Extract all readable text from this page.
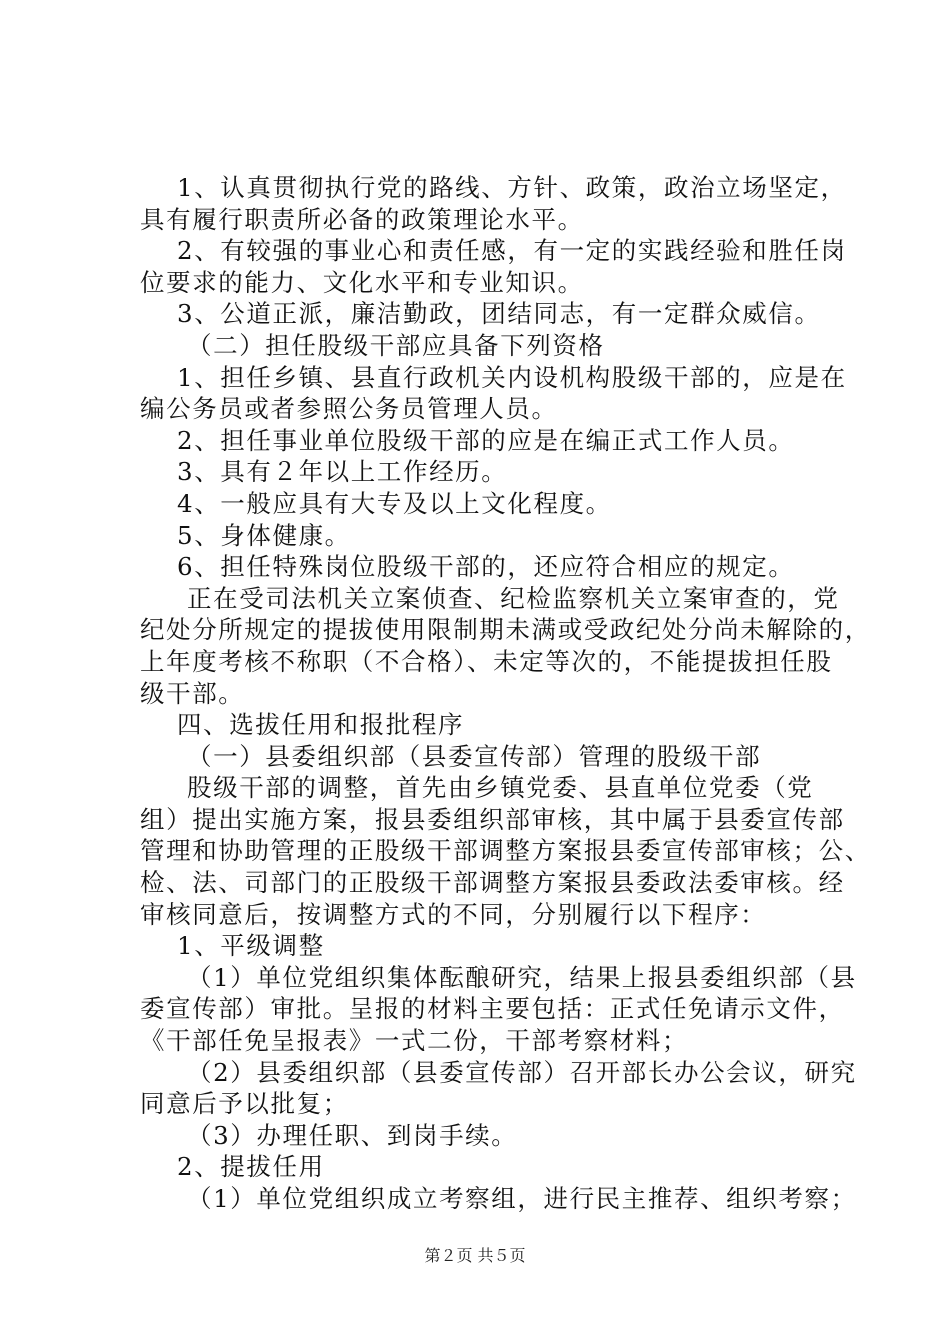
1、认真贯彻执行党的路线、方针、政策，政治立场坚定，

具有履行职责所必备的政策理论水平。

2、有较强的事业心和责任感，有一定的实践经验和胜任岗

位要求的能力、文化水平和专业知识。

3、公道正派，廉洁勤政，团结同志，有一定群众威信。

（二）担任股级干部应具备下列资格

1、担任乡镇、县直行政机关内设机构股级干部的，应是在

编公务员或者参照公务员管理人员。

2、担任事业单位股级干部的应是在编正式工作人员。

3、具有２年以上工作经历。

4、一般应具有大专及以上文化程度。

5、身体健康。

6、担任特殊岗位股级干部的，还应符合相应的规定。

正在受司法机关立案侦查、纪检监察机关立案审查的，党

纪处分所规定的提拔使用限制期未满或受政纪处分尚未解除的，

上年度考核不称职（不合格）、未定等次的，不能提拔担任股

级干部。

四、选拔任用和报批程序

（一）县委组织部（县委宣传部）管理的股级干部

股级干部的调整，首先由乡镇党委、县直单位党委（党

组）提出实施方案，报县委组织部审核，其中属于县委宣传部

管理和协助管理的正股级干部调整方案报县委宣传部审核；公、

检、法、司部门的正股级干部调整方案报县委政法委审核。经

审核同意后，按调整方式的不同，分别履行以下程序：

1、平级调整

（1）单位党组织集体酝酿研究，结果上报县委组织部（县

委宣传部）审批。呈报的材料主要包括：正式任免请示文件，

《干部任免呈报表》一式二份，干部考察材料；

（2）县委组织部（县委宣传部）召开部长办公会议，研究

同意后予以批复；

（3）办理任职、到岗手续。

2、提拔任用

（1）单位党组织成立考察组，进行民主推荐、组织考察；

第２页 共５页
